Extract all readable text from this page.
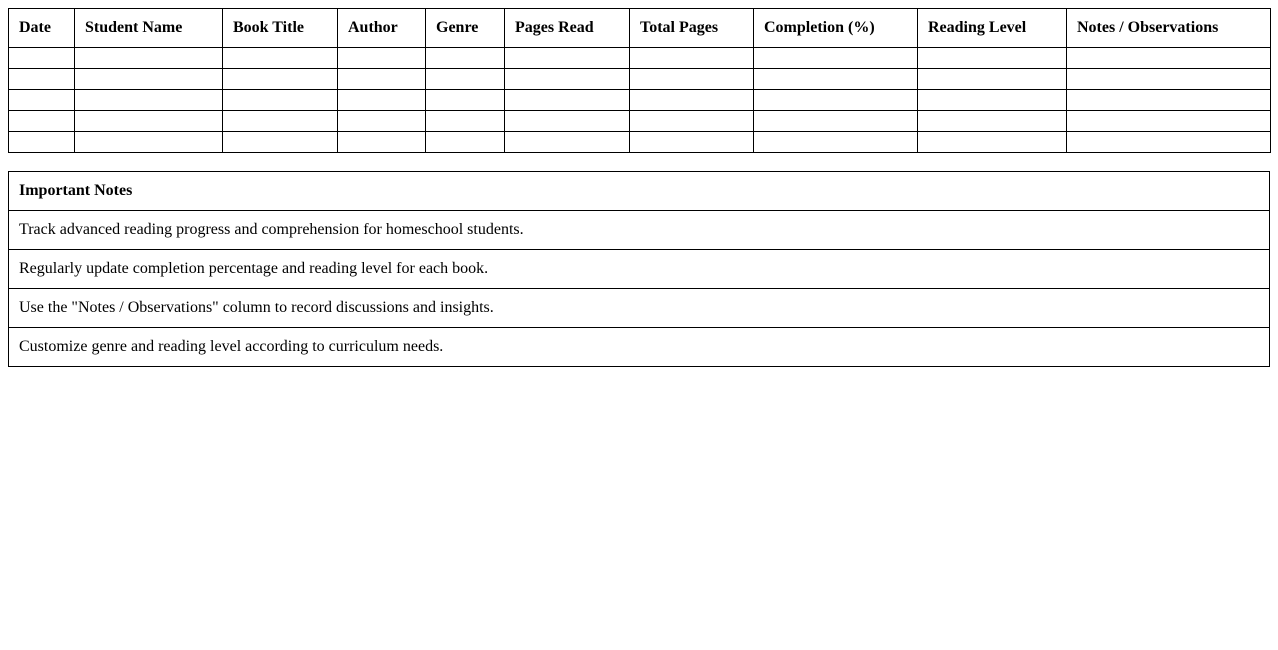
Date	Student Name	Book Title	Author	Genre	Pages Read	Total Pages	Completion (%)	Reading Level	Notes / Observations

Important Notes
Track advanced reading progress and comprehension for homeschool students.
Regularly update completion percentage and reading level for each book.
Use the "Notes / Observations" column to record discussions and insights.
Customize genre and reading level according to curriculum needs.
